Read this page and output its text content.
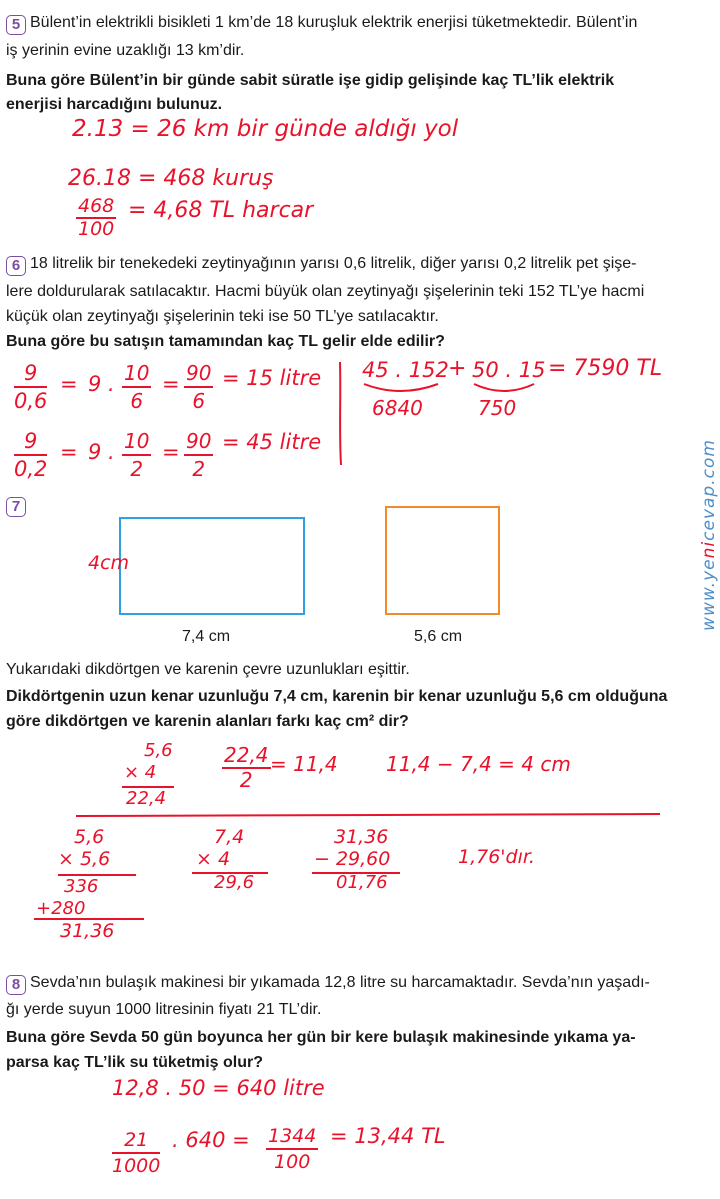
5 Bülent’in elektrikli bisikleti 1 km’de 18 kuruşluk elektrik enerjisi tüketmektedir. Bülent’in
iş yerinin evine uzaklığı 13 km’dir.
Buna göre Bülent’in bir günde sabit süratle işe gidip gelişinde kaç TL’lik elektrik
enerjisi harcadığını bulunuz.
2.13 = 26 km bir günde aldığı yol
26.18 = 468 kuruş
$\frac{468}{100} = 4,68$ TL harcar
6 18 litrelik bir tenekedeki zeytinyağının yarısı 0,6 litrelik, diğer yarısı 0,2 litrelik pet şişe-
lere doldurularak satılacaktır. Hacmi büyük olan zeytinyağı şişelerinin teki 152 TL’ye hacmi
küçük olan zeytinyağı şişelerinin teki ise 50 TL’ye satılacaktır.
Buna göre bu satışın tamamından kaç TL gelir elde edilir?
$\frac{9}{0,6} = 9$ . $\frac{10}{6} = \frac{90}{6} = 15$ litre
$\frac{9}{0,2} = 9$ . $\frac{10}{2} = \frac{90}{2} = 45$ litre
45 . 152
6840
+ 50 . 15
750
= 7590 TL
7
7,4 cm	5,6 cm
4cm
Yukarıdaki dikdörtgen ve karenin çevre uzunlukları eşittir.
Dikdörtgenin uzun kenar uzunluğu 7,4 cm, karenin bir kenar uzunluğu 5,6 cm olduğuna
göre dikdörtgen ve karenin alanları farkı kaç cm² dir?
5,6
× 4
22,4
$\frac{22,4}{2} = 11,4$ 11,4 − 7,4 = 4 cm
5,6
× 5,6
336
+280
31,36
7,4
× 4
29,6
31,36
− 29,60
01,76
1,76'dır.
8 Sevda’nın bulaşık makinesi bir yıkamada 12,8 litre su harcamaktadır. Sevda’nın yaşadı-
ğı yerde suyun 1000 litresinin fiyatı 21 TL’dir.
Buna göre Sevda 50 gün boyunca her gün bir kere bulaşık makinesinde yıkama ya-
parsa kaç TL’lik su tüketmiş olur?
12,8 . 50 = 640 litre
$\frac{21}{1000}$ . $640 = \frac{1344}{100} = 13,44$ TL
www.yenicevap.com
